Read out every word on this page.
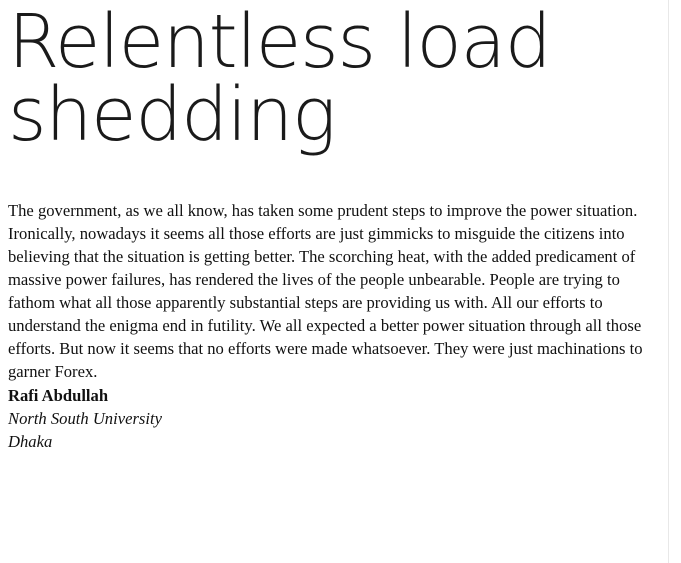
Relentless load shedding

The government, as we all know, has taken some prudent steps to improve the power situation. Ironically, nowadays it seems all those efforts are just gimmicks to misguide the citizens into believing that the situation is getting better. The scorching heat, with the added predicament of massive power failures, has rendered the lives of the people unbearable. People are trying to fathom what all those apparently substantial steps are providing us with. All our efforts to understand the enigma end in futility. We all expected a better power situation through all those efforts. But now it seems that no efforts were made whatsoever. They were just machinations to garner Forex.

Rafi Abdullah

North South University

Dhaka
